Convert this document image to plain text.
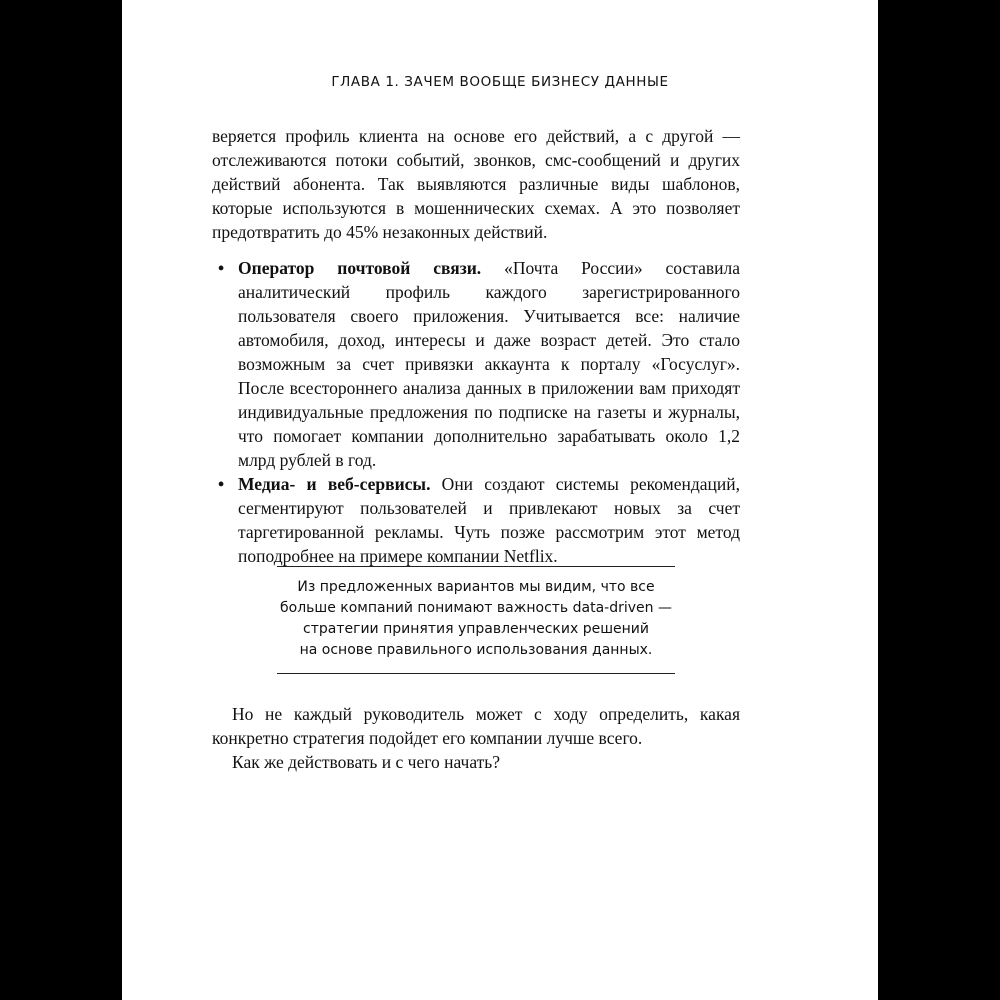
ГЛАВА 1. ЗАЧЕМ ВООБЩЕ БИЗНЕСУ ДАННЫЕ

веряется профиль клиента на основе его действий, а с другой — отслеживаются потоки событий, звонков, смс-сообщений и других действий абонента. Так выявляются различные виды шаблонов, которые используются в мошеннических схемах. А это позволяет предотвратить до 45% незаконных действий.

• Оператор почтовой связи. «Почта России» составила аналитический профиль каждого зарегистрированного пользователя своего приложения. Учитывается все: наличие автомобиля, доход, интересы и даже возраст детей. Это стало возможным за счет привязки аккаунта к порталу «Госуслуг». После всестороннего анализа данных в приложении вам приходят индивидуальные предложения по подписке на газеты и журналы, что помогает компании дополнительно зарабатывать около 1,2 млрд рублей в год.
• Медиа- и веб-сервисы. Они создают системы рекомендаций, сегментируют пользователей и привлекают новых за счет таргетированной рекламы. Чуть позже рассмотрим этот метод поподробнее на примере компании Netflix.
Из предложенных вариантов мы видим, что все
больше компаний понимают важность data-driven —
стратегии принятия управленческих решений
на основе правильного использования данных.

Но не каждый руководитель может с ходу определить, какая конкретно стратегия подойдет его компании лучше всего.

Как же действовать и с чего начать?
